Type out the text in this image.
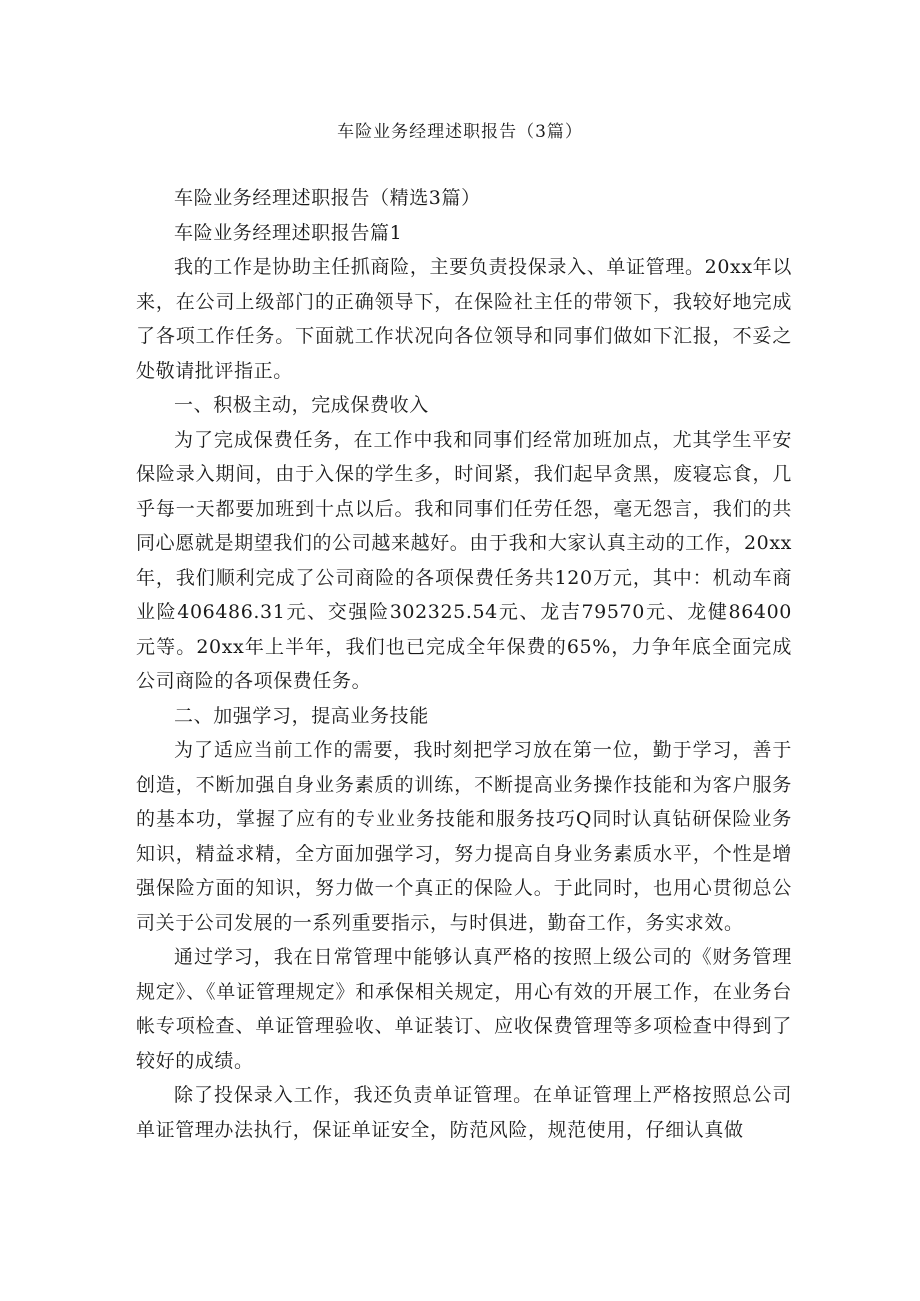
车险业务经理述职报告（3篇）

车险业务经理述职报告（精选3篇）

车险业务经理述职报告篇1

我的工作是协助主任抓商险，主要负责投保录入、单证管理。20xx年以来，在公司上级部门的正确领导下，在保险社主任的带领下，我较好地完成了各项工作任务。下面就工作状况向各位领导和同事们做如下汇报，不妥之处敬请批评指正。

一、积极主动，完成保费收入

为了完成保费任务，在工作中我和同事们经常加班加点，尤其学生平安保险录入期间，由于入保的学生多，时间紧，我们起早贪黑，废寝忘食，几乎每一天都要加班到十点以后。我和同事们任劳任怨，毫无怨言，我们的共同心愿就是期望我们的公司越来越好。由于我和大家认真主动的工作，20xx年，我们顺利完成了公司商险的各项保费任务共120万元，其中：机动车商业险406486.31元、交强险302325.54元、龙吉79570元、龙健86400元等。20xx年上半年，我们也已完成全年保费的65%，力争年底全面完成公司商险的各项保费任务。

二、加强学习，提高业务技能

为了适应当前工作的需要，我时刻把学习放在第一位，勤于学习，善于创造，不断加强自身业务素质的训练，不断提高业务操作技能和为客户服务的基本功，掌握了应有的专业业务技能和服务技巧Q同时认真钻研保险业务知识，精益求精，全方面加强学习，努力提高自身业务素质水平，个性是增强保险方面的知识，努力做一个真正的保险人。于此同时，也用心贯彻总公司关于公司发展的一系列重要指示，与时俱进，勤奋工作，务实求效。

通过学习，我在日常管理中能够认真严格的按照上级公司的《财务管理规定》、《单证管理规定》和承保相关规定，用心有效的开展工作，在业务台帐专项检查、单证管理验收、单证装订、应收保费管理等多项检查中得到了较好的成绩。

除了投保录入工作，我还负责单证管理。在单证管理上严格按照总公司单证管理办法执行，保证单证安全，防范风险，规范使用，仔细认真做
